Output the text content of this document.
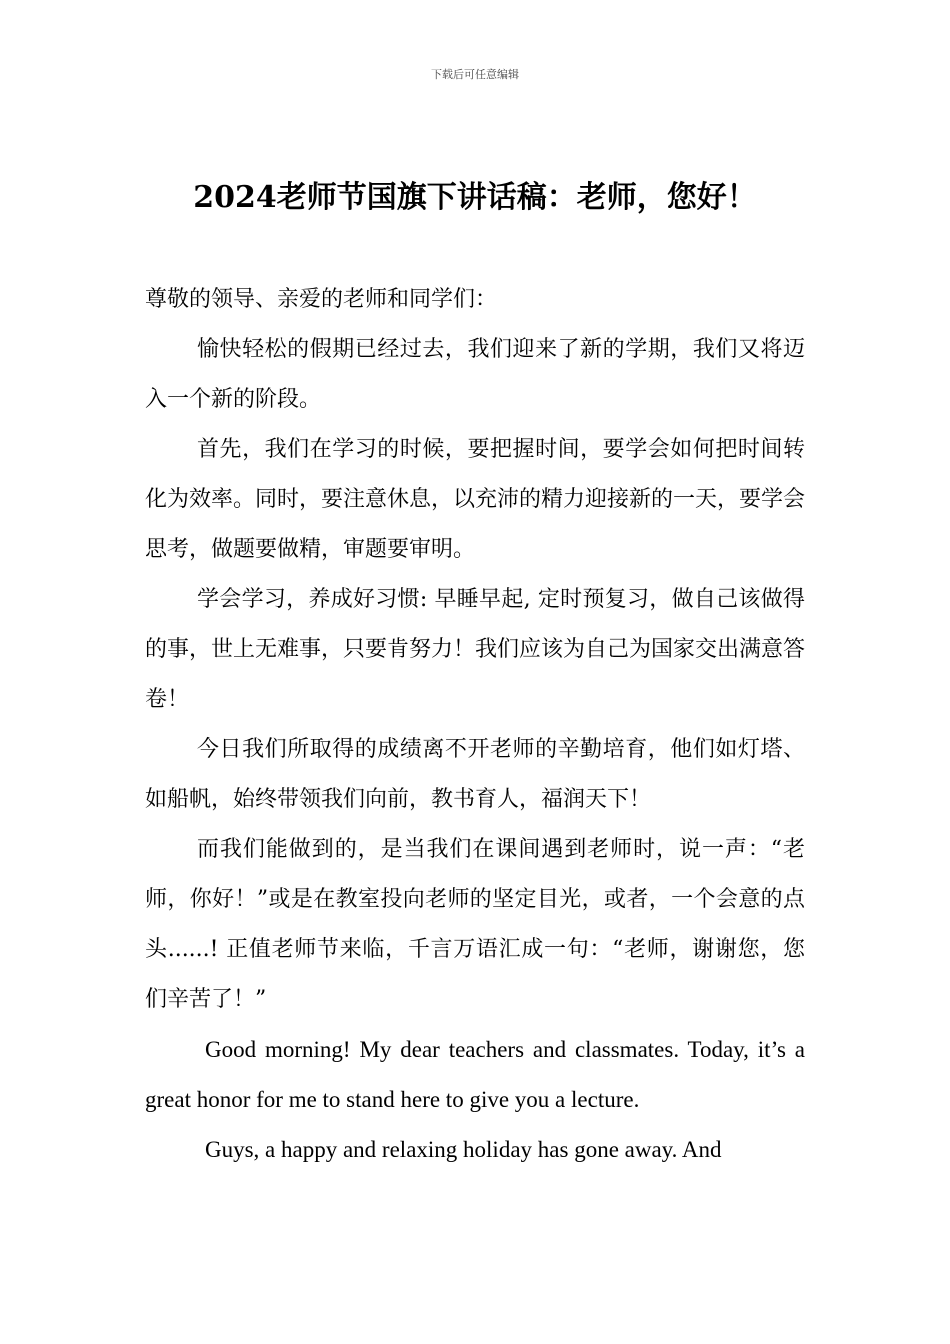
下载后可任意编辑
2024老师节国旗下讲话稿：老师，您好！

尊敬的领导、亲爱的老师和同学们：

愉快轻松的假期已经过去，我们迎来了新的学期，我们又将迈入一个新的阶段。

首先，我们在学习的时候，要把握时间，要学会如何把时间转化为效率。同时，要注意休息，以充沛的精力迎接新的一天，要学会思考，做题要做精，审题要审明。

学会学习，养成好习惯: 早睡早起, 定时预复习，做自己该做得的事，世上无难事，只要肯努力！我们应该为自己为国家交出满意答卷！

今日我们所取得的成绩离不开老师的辛勤培育，他们如灯塔、如船帆，始终带领我们向前，教书育人，福润天下！

而我们能做到的，是当我们在课间遇到老师时，说一声：“老师，你好！”或是在教室投向老师的坚定目光，或者，一个会意的点头......! 正值老师节来临，千言万语汇成一句：“老师，谢谢您，您们辛苦了！”

Good morning! My dear teachers and classmates. Today, it’s a great honor for me to stand here to give you a lecture.

Guys, a happy and relaxing holiday has gone away. And
